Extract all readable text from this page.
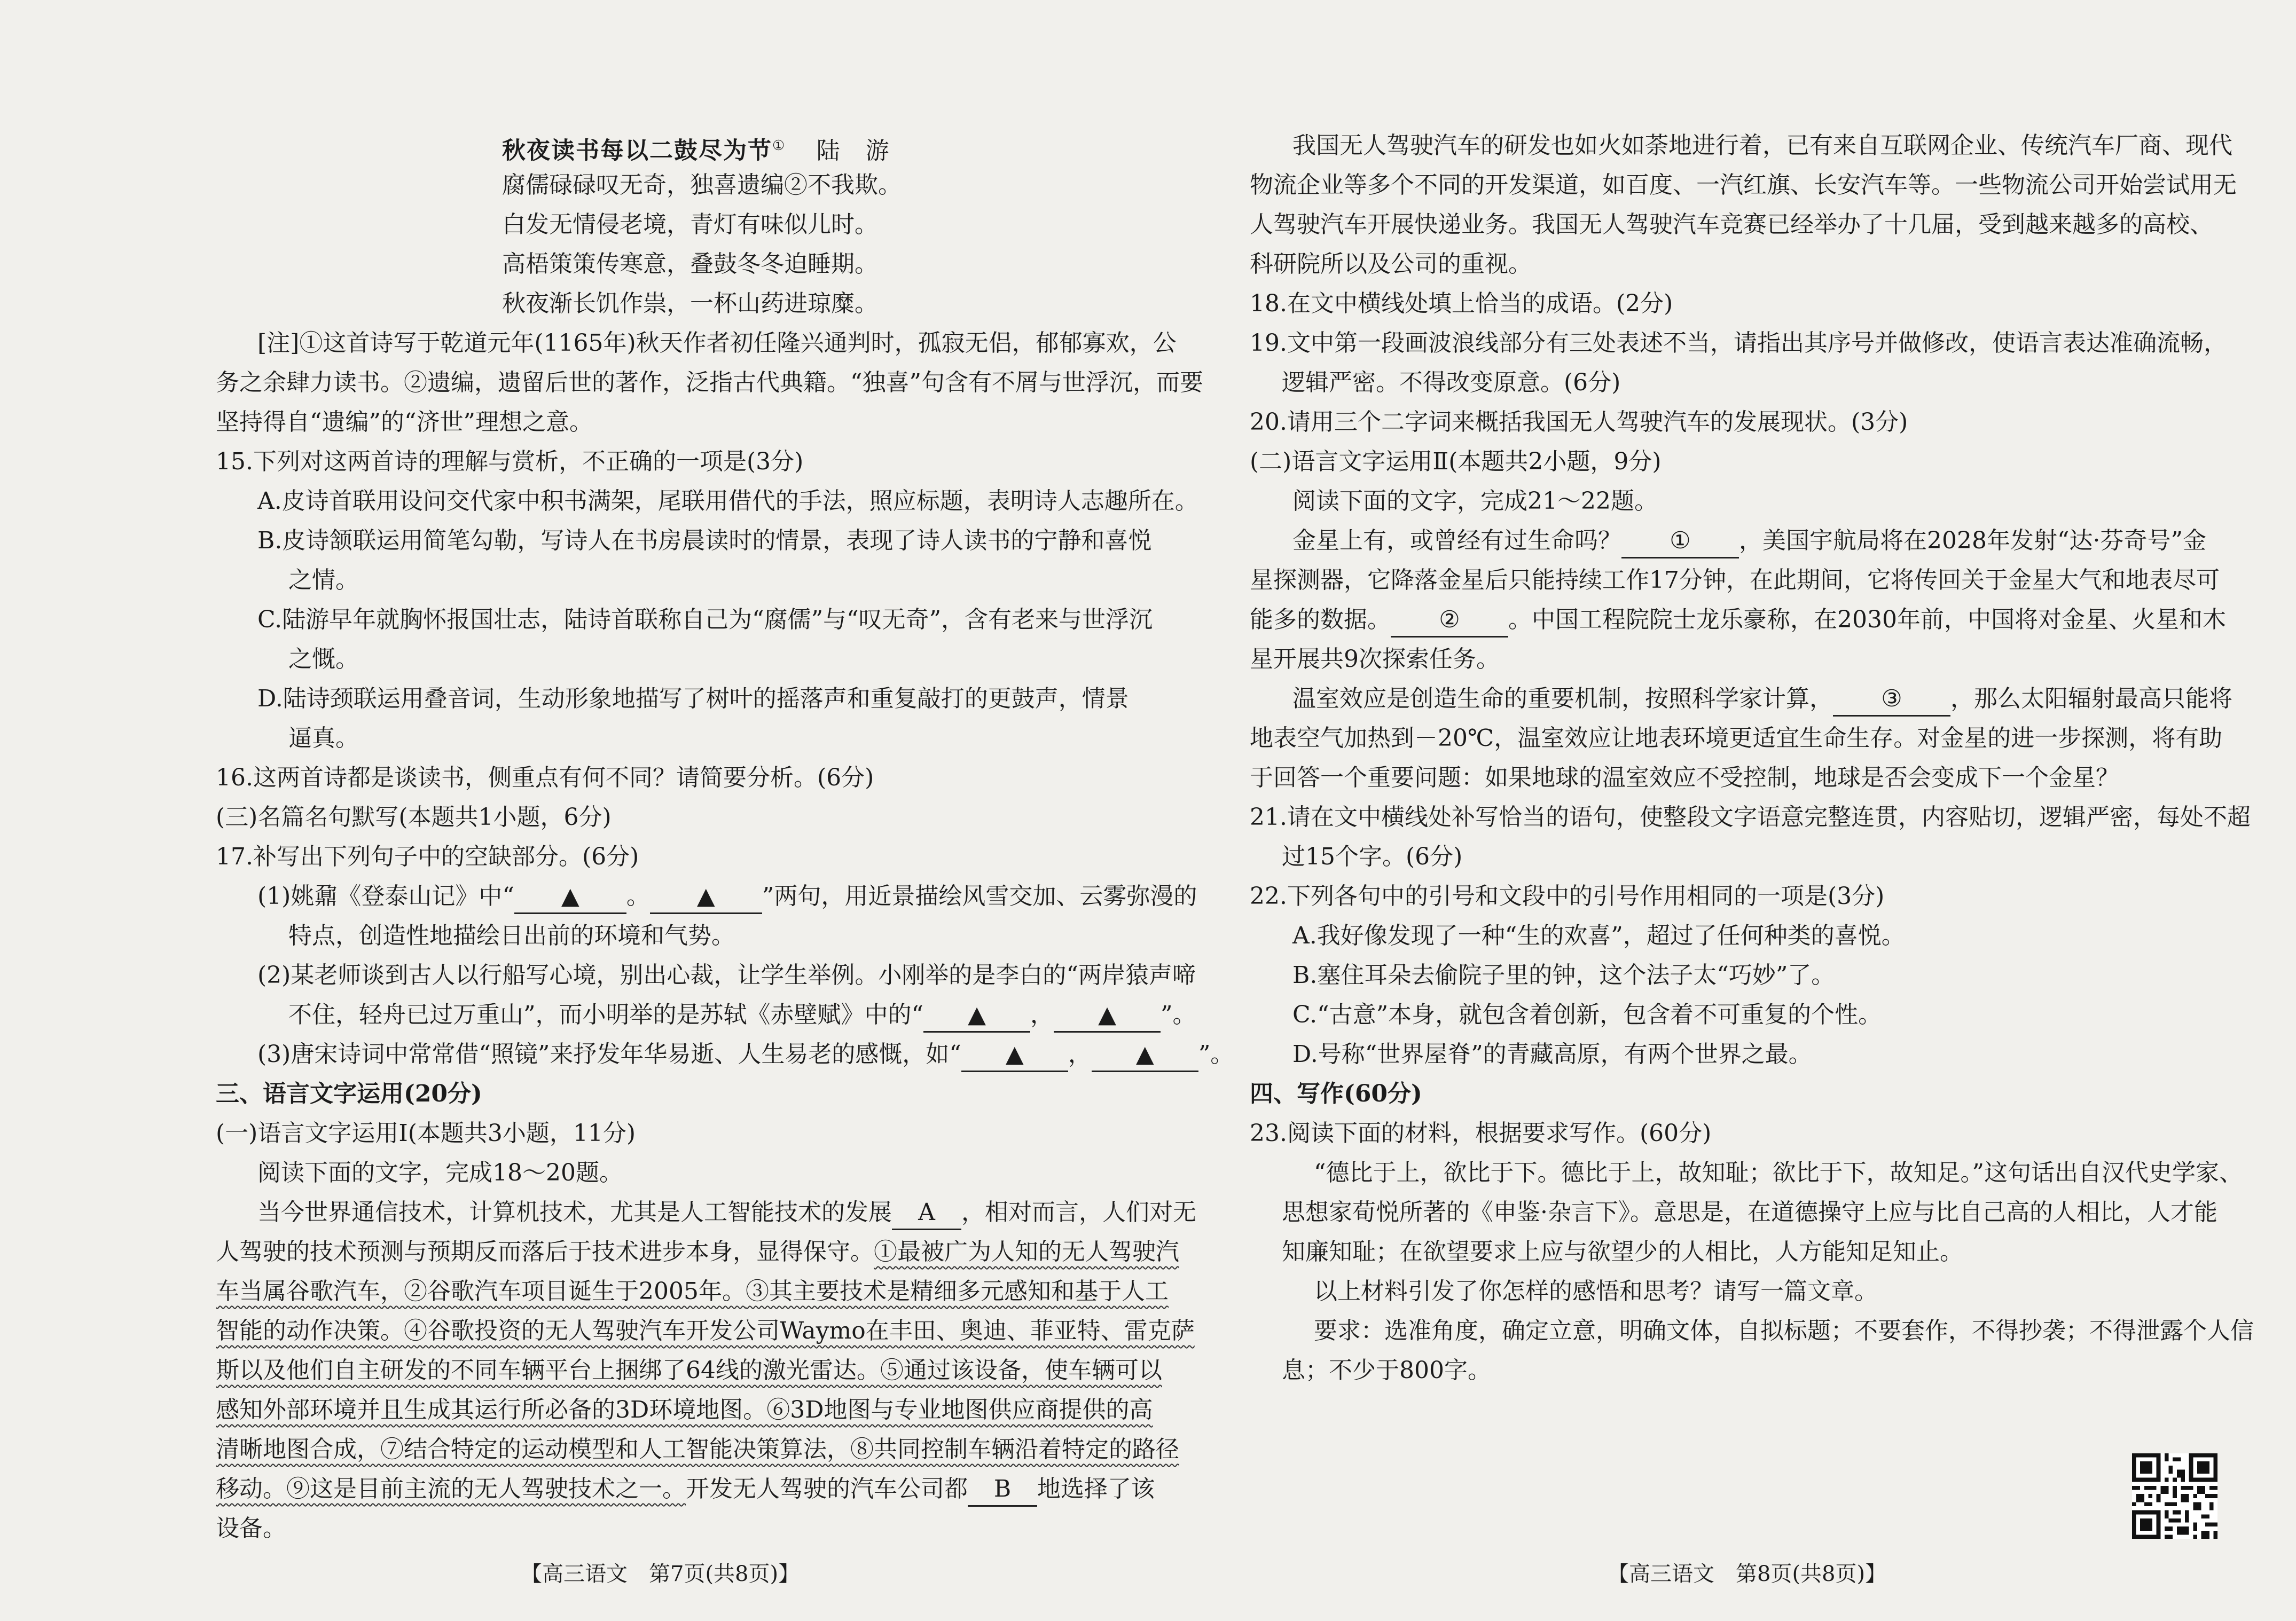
秋夜读书每以二鼓尽为节① 陆　游
腐儒碌碌叹无奇，独喜遗编②不我欺。
白发无情侵老境，青灯有味似儿时。
高梧策策传寒意，叠鼓冬冬迫睡期。
秋夜渐长饥作祟，一杯山药进琼糜。
[注]①这首诗写于乾道元年(1165年)秋天作者初任隆兴通判时，孤寂无侣，郁郁寡欢，公
务之余肆力读书。②遗编，遗留后世的著作，泛指古代典籍。“独喜”句含有不屑与世浮沉，而要
坚持得自“遗编”的“济世”理想之意。
15.下列对这两首诗的理解与赏析，不正确的一项是(3分)
A.皮诗首联用设问交代家中积书满架，尾联用借代的手法，照应标题，表明诗人志趣所在。
B.皮诗颔联运用简笔勾勒，写诗人在书房晨读时的情景，表现了诗人读书的宁静和喜悦
之情。
C.陆游早年就胸怀报国壮志，陆诗首联称自己为“腐儒”与“叹无奇”，含有老来与世浮沉
之慨。
D.陆诗颈联运用叠音词，生动形象地描写了树叶的摇落声和重复敲打的更鼓声，情景
逼真。
16.这两首诗都是谈读书，侧重点有何不同？请简要分析。(6分)
(三)名篇名句默写(本题共1小题，6分)
17.补写出下列句子中的空缺部分。(6分)
(1)姚鼐《登泰山记》中“ ▲ 。 ▲ ”两句，用近景描绘风雪交加、云雾弥漫的
特点，创造性地描绘日出前的环境和气势。
(2)某老师谈到古人以行船写心境，别出心裁，让学生举例。小刚举的是李白的“两岸猿声啼
不住，轻舟已过万重山”，而小明举的是苏轼《赤壁赋》中的“ ▲ ， ▲ ”。
(3)唐宋诗词中常常借“照镜”来抒发年华易逝、人生易老的感慨，如“ ▲ ， ▲ ”。
三、语言文字运用(20分)
(一)语言文字运用Ⅰ(本题共3小题，11分)
阅读下面的文字，完成18～20题。
当今世界通信技术，计算机技术，尤其是人工智能技术的发展 A ，相对而言，人们对无
人驾驶的技术预测与预期反而落后于技术进步本身，显得保守。①最被广为人知的无人驾驶汽
车当属谷歌汽车，②谷歌汽车项目诞生于2005年。③其主要技术是精细多元感知和基于人工
智能的动作决策。④谷歌投资的无人驾驶汽车开发公司Waymo在丰田、奥迪、菲亚特、雷克萨
斯以及他们自主研发的不同车辆平台上捆绑了64线的激光雷达。⑤通过该设备，使车辆可以
感知外部环境并且生成其运行所必备的3D环境地图。⑥3D地图与专业地图供应商提供的高
清晰地图合成，⑦结合特定的运动模型和人工智能决策算法，⑧共同控制车辆沿着特定的路径
移动。⑨这是目前主流的无人驾驶技术之一。开发无人驾驶的汽车公司都 B 地选择了该
设备。
【高三语文　第7页(共8页)】
我国无人驾驶汽车的研发也如火如荼地进行着，已有来自互联网企业、传统汽车厂商、现代
物流企业等多个不同的开发渠道，如百度、一汽红旗、长安汽车等。一些物流公司开始尝试用无
人驾驶汽车开展快递业务。我国无人驾驶汽车竞赛已经举办了十几届，受到越来越多的高校、
科研院所以及公司的重视。
18.在文中横线处填上恰当的成语。(2分)
19.文中第一段画波浪线部分有三处表述不当，请指出其序号并做修改，使语言表达准确流畅，
逻辑严密。不得改变原意。(6分)
20.请用三个二字词来概括我国无人驾驶汽车的发展现状。(3分)
(二)语言文字运用Ⅱ(本题共2小题，9分)
阅读下面的文字，完成21～22题。
金星上有，或曾经有过生命吗？ ① ，美国宇航局将在2028年发射“达·芬奇号”金
星探测器，它降落金星后只能持续工作17分钟，在此期间，它将传回关于金星大气和地表尽可
能多的数据。 ② 。中国工程院院士龙乐豪称，在2030年前，中国将对金星、火星和木
星开展共9次探索任务。
温室效应是创造生命的重要机制，按照科学家计算， ③ ，那么太阳辐射最高只能将
地表空气加热到－20℃，温室效应让地表环境更适宜生命生存。对金星的进一步探测，将有助
于回答一个重要问题：如果地球的温室效应不受控制，地球是否会变成下一个金星？
21.请在文中横线处补写恰当的语句，使整段文字语意完整连贯，内容贴切，逻辑严密，每处不超
过15个字。(6分)
22.下列各句中的引号和文段中的引号作用相同的一项是(3分)
A.我好像发现了一种“生的欢喜”，超过了任何种类的喜悦。
B.塞住耳朵去偷院子里的钟，这个法子太“巧妙”了。
C.“古意”本身，就包含着创新，包含着不可重复的个性。
D.号称“世界屋脊”的青藏高原，有两个世界之最。
四、写作(60分)
23.阅读下面的材料，根据要求写作。(60分)
“德比于上，欲比于下。德比于上，故知耻；欲比于下，故知足。”这句话出自汉代史学家、
思想家荀悦所著的《申鉴·杂言下》。意思是，在道德操守上应与比自己高的人相比，人才能
知廉知耻；在欲望要求上应与欲望少的人相比，人方能知足知止。
以上材料引发了你怎样的感悟和思考？请写一篇文章。
要求：选准角度，确定立意，明确文体，自拟标题；不要套作，不得抄袭；不得泄露个人信
息；不少于800字。
【高三语文　第8页(共8页)】
